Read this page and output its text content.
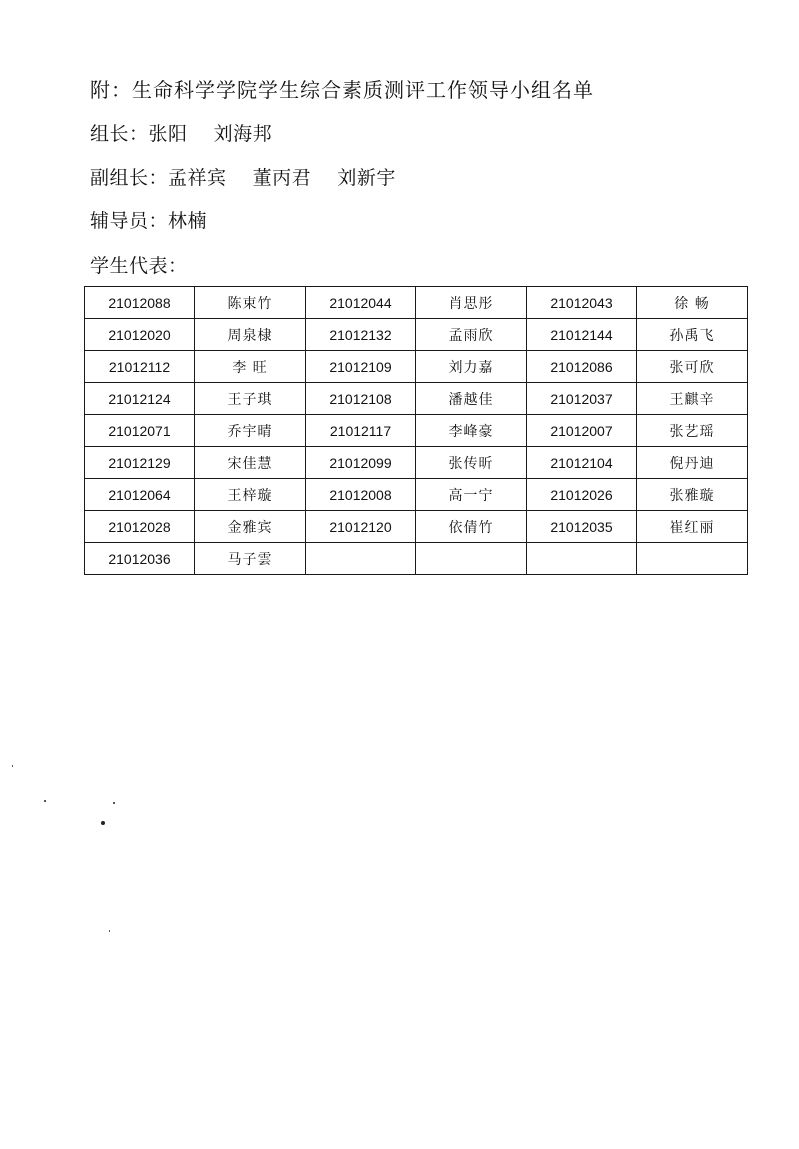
附：生命科学学院学生综合素质测评工作领导小组名单
组长：张阳    刘海邦
副组长：孟祥宾    董丙君    刘新宇
辅导员：林楠
学生代表：
21012088	陈束竹	21012044	肖思彤	21012043	徐 畅
21012020	周泉棣	21012132	孟雨欣	21012144	孙禹飞
21012112	李 旺	21012109	刘力嘉	21012086	张可欣
21012124	王子琪	21012108	潘越佳	21012037	王麒辛
21012071	乔宇晴	21012117	李峰豪	21012007	张艺瑶
21012129	宋佳慧	21012099	张传昕	21012104	倪丹迪
21012064	王梓璇	21012008	高一宁	21012026	张雅璇
21012028	金雅宾	21012120	依倩竹	21012035	崔红丽
21012036	马子雲				
